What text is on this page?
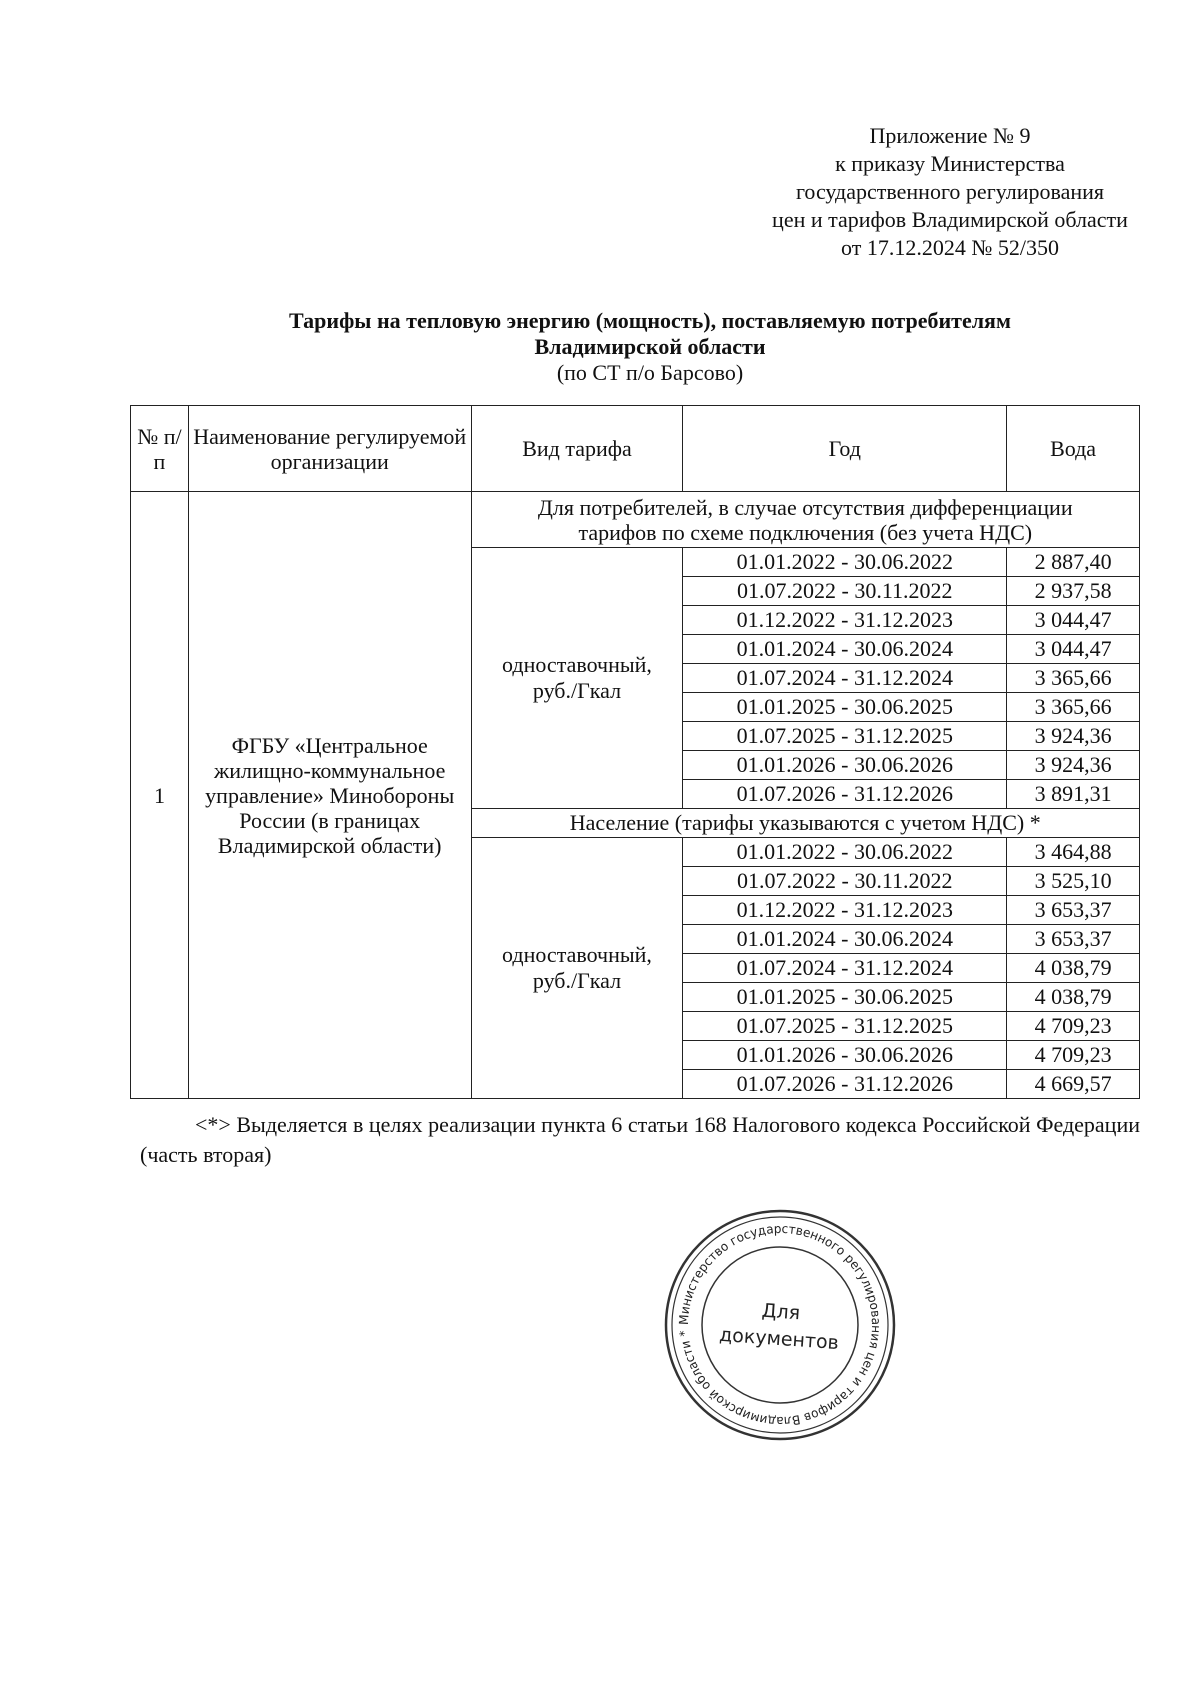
Приложение № 9
к приказу Министерства
государственного регулирования
цен и тарифов Владимирской области
от 17.12.2024 № 52/350
Тарифы на тепловую энергию (мощность), поставляемую потребителям
Владимирской области
(по СТ п/о Барсово)
№ п/п	Наименование регулируемой организации	Вид тарифа	Год	Вода
1	ФГБУ «Центральное жилищно-коммунальное управление» Минобороны России (в границах Владимирской области)	Для потребителей, в случае отсутствия дифференциации тарифов по схеме подключения (без учета НДС)		
		одноставочный, руб./Гкал	01.01.2022 - 30.06.2022	2 887,40
			01.07.2022 - 30.11.2022	2 937,58
			01.12.2022 - 31.12.2023	3 044,47
			01.01.2024 - 30.06.2024	3 044,47
			01.07.2024 - 31.12.2024	3 365,66
			01.01.2025 - 30.06.2025	3 365,66
			01.07.2025 - 31.12.2025	3 924,36
			01.01.2026 - 30.06.2026	3 924,36
			01.07.2026 - 31.12.2026	3 891,31
		Население (тарифы указываются с учетом НДС) *		
		одноставочный, руб./Гкал	01.01.2022 - 30.06.2022	3 464,88
			01.07.2022 - 30.11.2022	3 525,10
			01.12.2022 - 31.12.2023	3 653,37
			01.01.2024 - 30.06.2024	3 653,37
			01.07.2024 - 31.12.2024	4 038,79
			01.01.2025 - 30.06.2025	4 038,79
			01.07.2025 - 31.12.2025	4 709,23
			01.01.2026 - 30.06.2026	4 709,23
			01.07.2026 - 31.12.2026	4 669,57
<*> Выделяется в целях реализации пункта 6 статьи 168 Налогового кодекса Российской Федерации (часть вторая)
Министерство государственного регулирования цен и тарифов Владимирской области *
Для
документов
